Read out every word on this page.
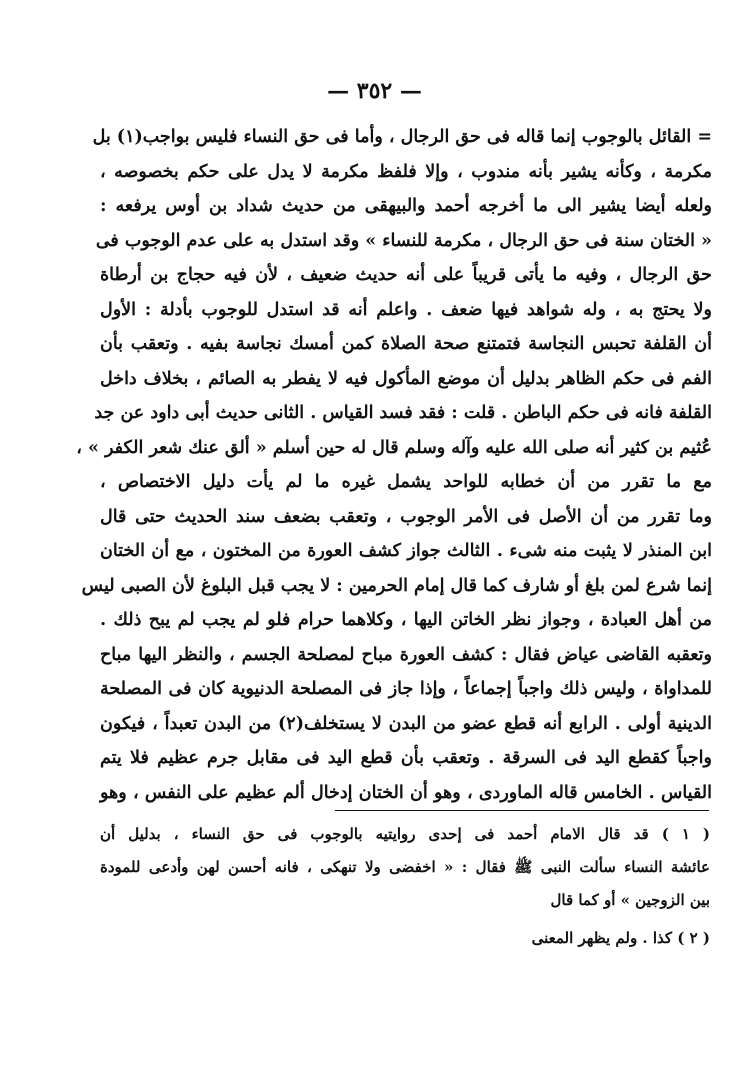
— ٣٥٢ —
= القائل بالوجوب إنما قاله فى حق الرجال ، وأما فى حق النساء فليس بواجب(١) بل
مكرمة ، وكأنه يشير بأنه مندوب ، وإلا فلفظ مكرمة لا يدل على حكم بخصوصه ،
ولعله أيضا يشير الى ما أخرجه أحمد والبيهقى من حديث شداد بن أوس يرفعه :
« الختان سنة فى حق الرجال ، مكرمة للنساء » وقد استدل به على عدم الوجوب فى
حق الرجال ، وفيه ما يأتى قريباً على أنه حديث ضعيف ، لأن فيه حجاج بن أرطاة
ولا يحتج به ، وله شواهد فيها ضعف . واعلم أنه قد استدل للوجوب بأدلة : الأول
أن القلفة تحبس النجاسة فتمتنع صحة الصلاة كمن أمسك نجاسة بفيه . وتعقب بأن
الفم فى حكم الظاهر بدليل أن موضع المأكول فيه لا يفطر به الصائم ، بخلاف داخل
القلفة فانه فى حكم الباطن . قلت : فقد فسد القياس . الثانى حديث أبى داود عن جد
عُثيم بن كثير أنه صلى الله عليه وآله وسلم قال له حين أسلم « ألق عنك شعر الكفر » ،
مع ما تقرر من أن خطابه للواحد يشمل غيره ما لم يأت دليل الاختصاص ،
وما تقرر من أن الأصل فى الأمر الوجوب ، وتعقب بضعف سند الحديث حتى قال
ابن المنذر لا يثبت منه شىء . الثالث جواز كشف العورة من المختون ، مع أن الختان
إنما شرع لمن بلغ أو شارف كما قال إمام الحرمين : لا يجب قبل البلوغ لأن الصبى ليس
من أهل العبادة ، وجواز نظر الخاتن اليها ، وكلاهما حرام فلو لم يجب لم يبح ذلك .
وتعقبه القاضى عياض فقال : كشف العورة مباح لمصلحة الجسم ، والنظر اليها مباح
للمداواة ، وليس ذلك واجباً إجماعاً ، وإذا جاز فى المصلحة الدنيوية كان فى المصلحة
الدينية أولى . الرابع أنه قطع عضو من البدن لا يستخلف(٢) من البدن تعبداً ، فيكون
واجباً كقطع اليد فى السرقة . وتعقب بأن قطع اليد فى مقابل جرم عظيم فلا يتم
القياس . الخامس قاله الماوردى ، وهو أن الختان إدخال ألم عظيم على النفس ، وهو
( ١ ) قد قال الامام أحمد فى إحدى روايتيه بالوجوب فى حق النساء ، بدليل أن
عائشة النساء سألت النبى ﷺ فقال : « اخفضى ولا تنهكى ، فانه أحسن لهن وأدعى للمودة
بين الزوجين » أو كما قال
( ٢ ) كذا . ولم يظهر المعنى
